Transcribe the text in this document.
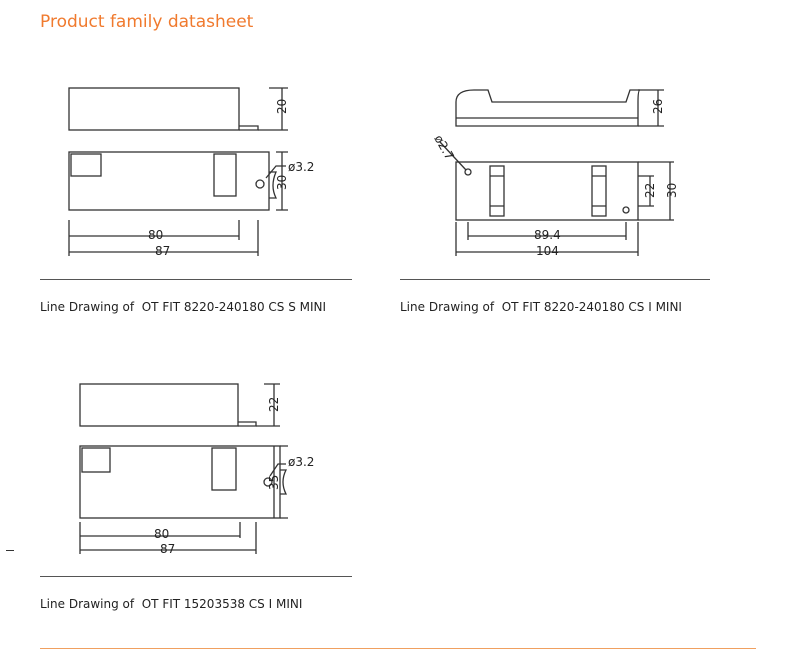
Product family datasheet
20
30
ø3.2
80
87
Line Drawing of  OT FIT 8220-240180 CS S MINI
26
ø2.7
22 30
89.4
104
Line Drawing of  OT FIT 8220-240180 CS I MINI
22
ø3.2
35
80
87
Line Drawing of  OT FIT 15203538 CS I MINI
